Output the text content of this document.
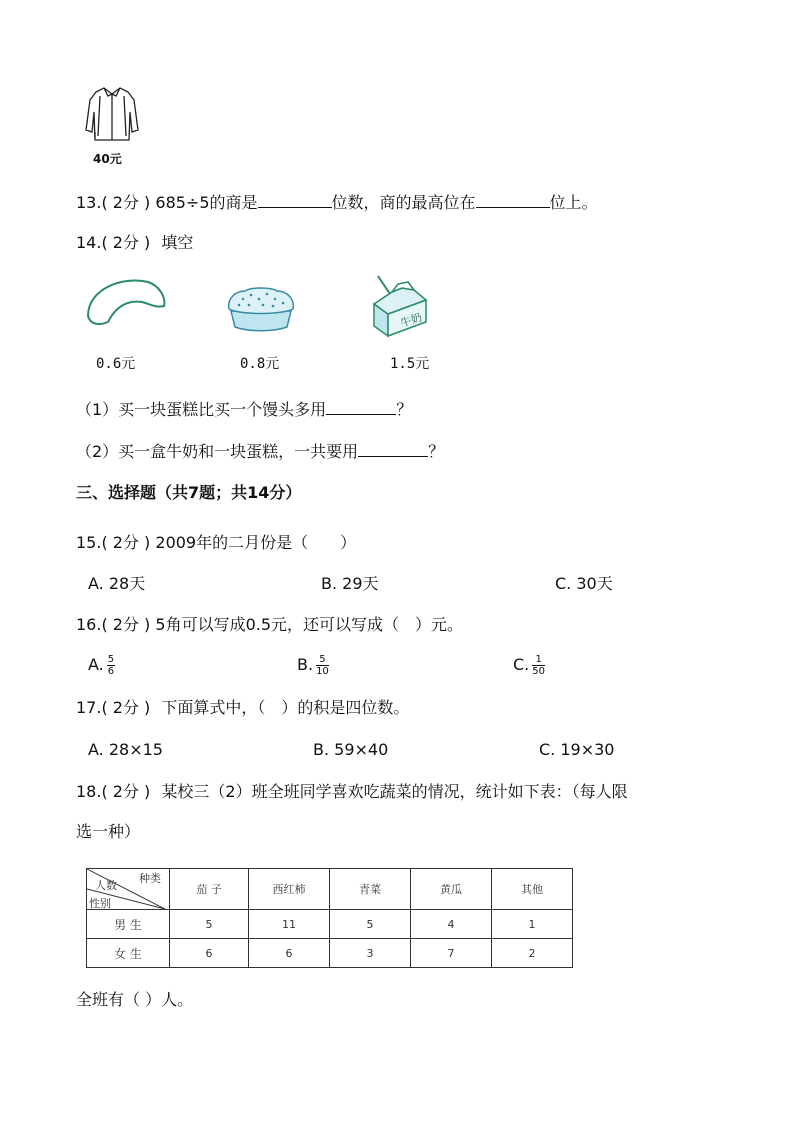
40元
13.( 2分 ) 685÷5的商是	位数，商的最高位在	位上。
14.( 2分 ) 填空
牛奶
0.6元	0.8元	1.5元
（1）买一块蛋糕比买一个馒头多用	？
（2）买一盒牛奶和一块蛋糕，一共要用	？
三、选择题（共7题；共14分）
15.( 2分 ) 2009年的二月份是（　　）
A. 28天	B. 29天	C. 30天
16.( 2分 ) 5角可以写成0.5元，还可以写成（　）元。
A. $\frac{5}{6}$	B. $\frac{5}{10}$	C. $\frac{1}{50}$
17.( 2分 ) 下面算式中，（　）的积是四位数。
A. 28×15	B. 59×40	C. 19×30
18.( 2分 ) 某校三（2）班全班同学喜欢吃蔬菜的情况，统计如下表：（每人限
选一种）
种类
人数
性别	茄 子	西红柿	青菜	黄瓜	其他
男 生	5	11	5	4	1
女 生	6	6	3	7	2
全班有（ ）人。
